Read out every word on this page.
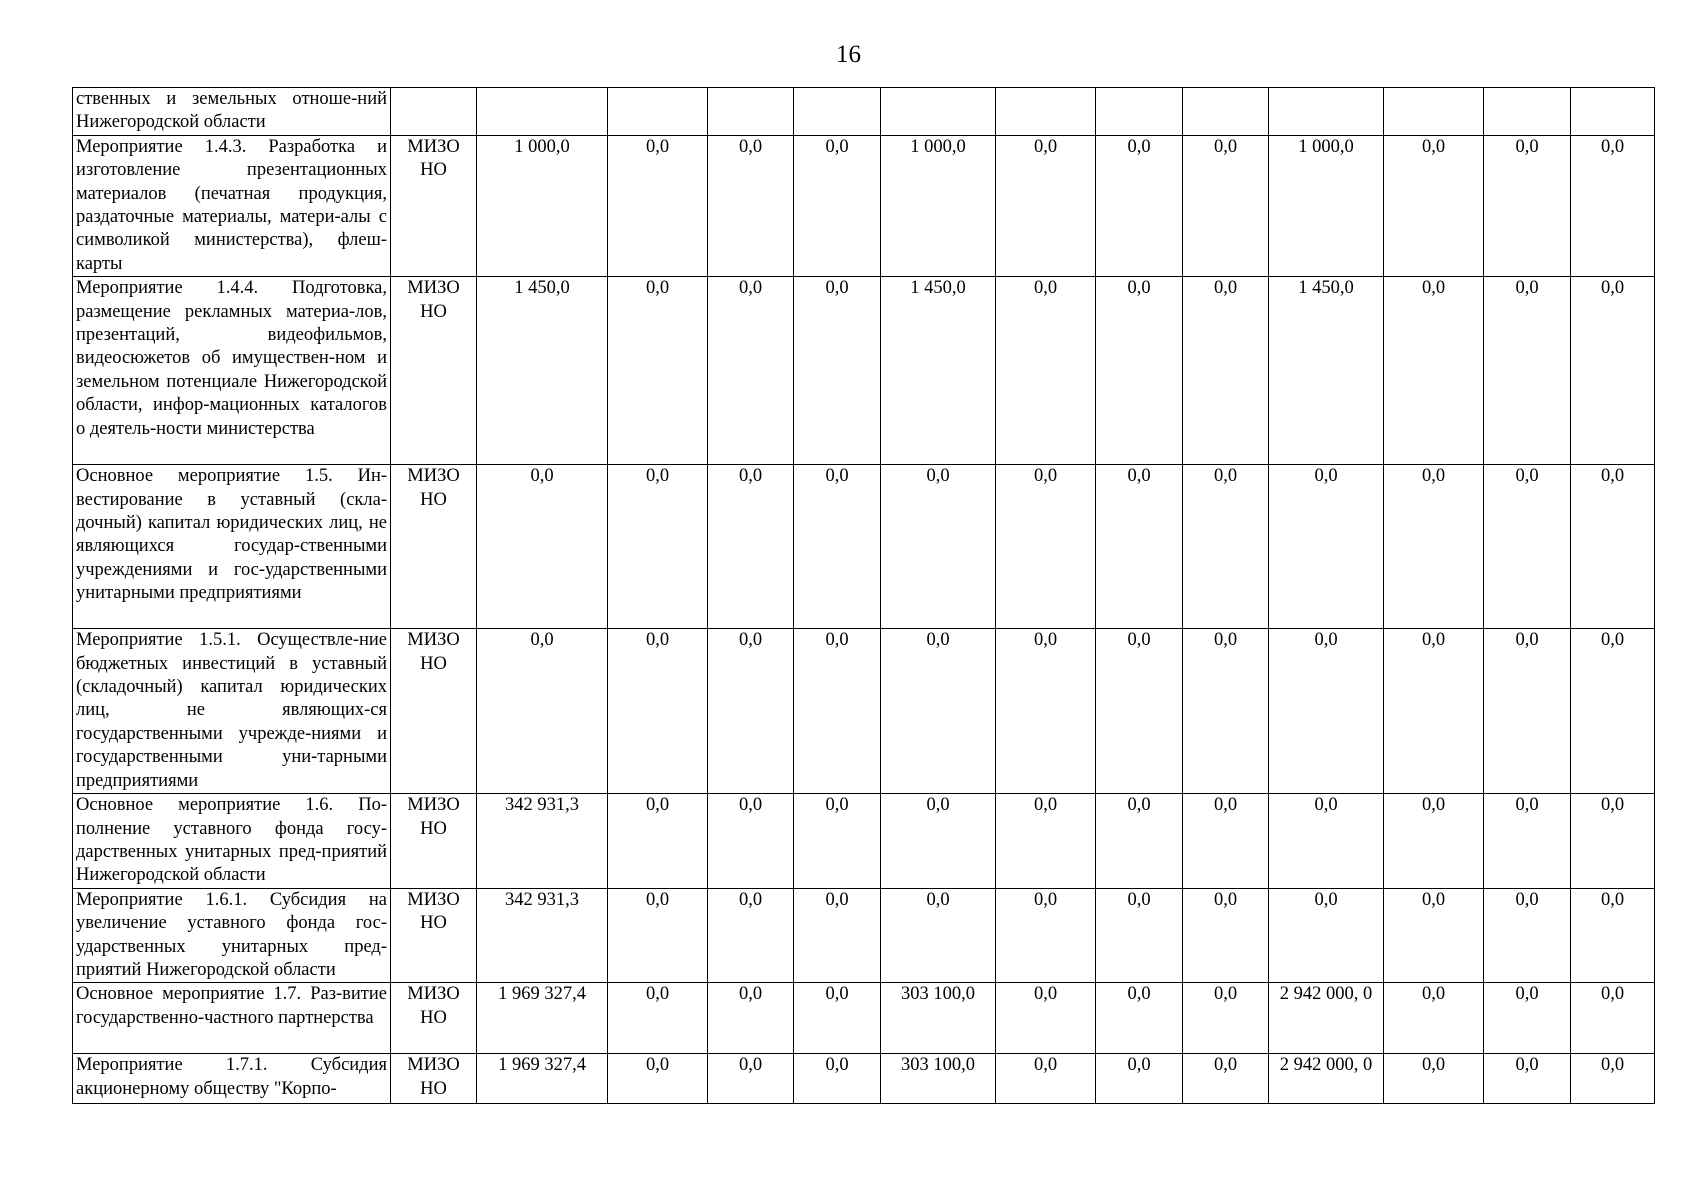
16
ственных и земельных отноше-ний Нижегородской области													
Мероприятие 1.4.3. Разработка и изготовление презентационных материалов (печатная продукция, раздаточные материалы, матери-алы с символикой министерства), флеш-карты	МИЗО НО	1 000,0	0,0	0,0	0,0	1 000,0	0,0	0,0	0,0	1 000,0	0,0	0,0	0,0
Мероприятие 1.4.4. Подготовка, размещение рекламных материа-лов, презентаций, видеофильмов, видеосюжетов об имуществен-ном и земельном потенциале Нижегородской области, инфор-мационных каталогов о деятель-ности министерства	МИЗО НО	1 450,0	0,0	0,0	0,0	1 450,0	0,0	0,0	0,0	1 450,0	0,0	0,0	0,0
Основное мероприятие 1.5. Ин-вестирование в уставный (скла-дочный) капитал юридических лиц, не являющихся государ-ственными учреждениями и гос-ударственными унитарными предприятиями	МИЗО НО	0,0	0,0	0,0	0,0	0,0	0,0	0,0	0,0	0,0	0,0	0,0	0,0
Мероприятие 1.5.1. Осуществле-ние бюджетных инвестиций в уставный (складочный) капитал юридических лиц, не являющих-ся государственными учрежде-ниями и государственными уни-тарными предприятиями	МИЗО НО	0,0	0,0	0,0	0,0	0,0	0,0	0,0	0,0	0,0	0,0	0,0	0,0
Основное мероприятие 1.6. По-полнение уставного фонда госу-дарственных унитарных пред-приятий Нижегородской области	МИЗО НО	342 931,3	0,0	0,0	0,0	0,0	0,0	0,0	0,0	0,0	0,0	0,0	0,0
Мероприятие 1.6.1. Субсидия на увеличение уставного фонда гос-ударственных унитарных пред-приятий Нижегородской области	МИЗО НО	342 931,3	0,0	0,0	0,0	0,0	0,0	0,0	0,0	0,0	0,0	0,0	0,0
Основное мероприятие 1.7. Раз-витие государственно-частного партнерства	МИЗО НО	1 969 327,4	0,0	0,0	0,0	303 100,0	0,0	0,0	0,0	2 942 000, 0	0,0	0,0	0,0
Мероприятие 1.7.1. Субсидия акционерному обществу "Корпо-	МИЗО НО	1 969 327,4	0,0	0,0	0,0	303 100,0	0,0	0,0	0,0	2 942 000, 0	0,0	0,0	0,0
